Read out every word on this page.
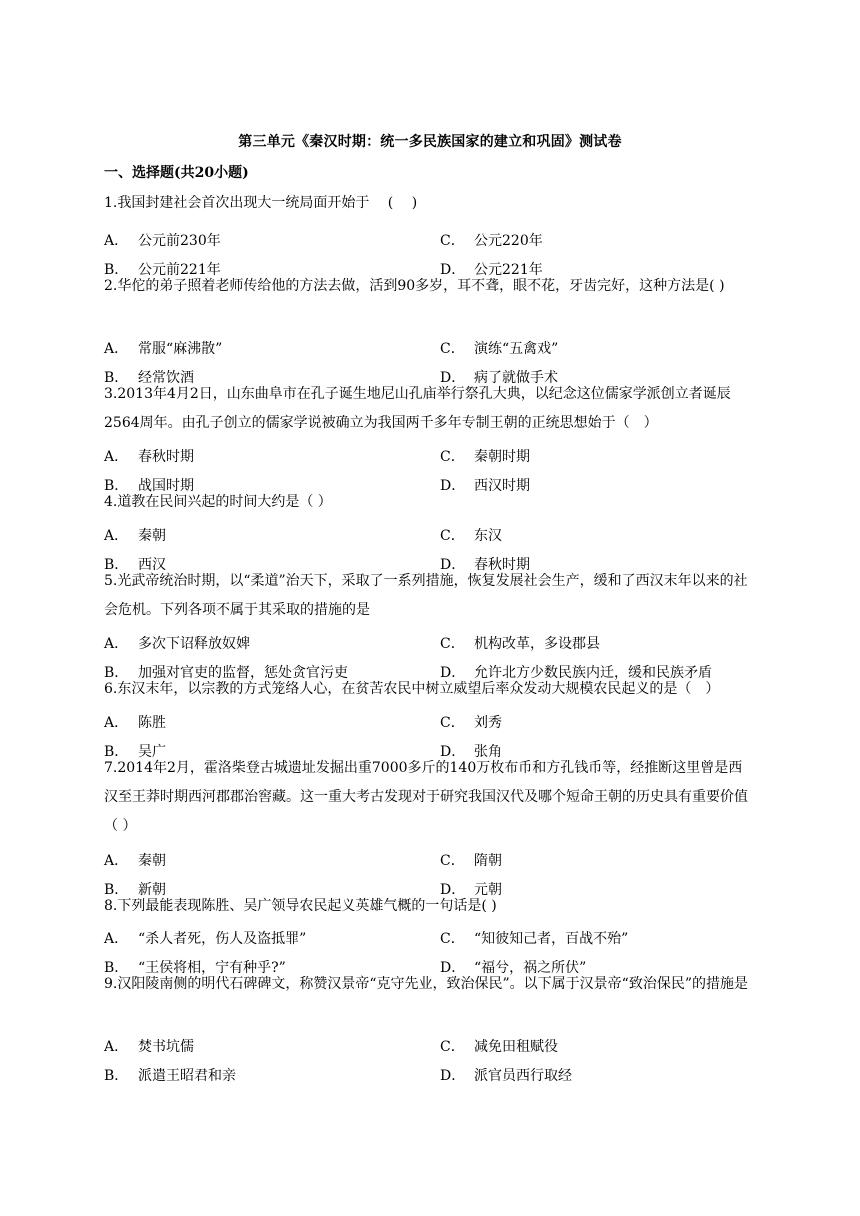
第三单元《秦汉时期：统一多民族国家的建立和巩固》测试卷
一、选择题(共20小题)
1.我国封建社会首次出现大一统局面开始于 　( 　)
A． 公元前230年	C． 公元220年
B． 公元前221年	D． 公元221年
2.华佗的弟子照着老师传给他的方法去做，活到90多岁，耳不聋，眼不花，牙齿完好，这种方法是( )
A． 常服“麻沸散”	C． 演练“五禽戏”
B． 经常饮酒	D． 病了就做手术
3.2013年4月2日，山东曲阜市在孔子诞生地尼山孔庙举行祭孔大典，以纪念这位儒家学派创立者诞辰2564周年。由孔子创立的儒家学说被确立为我国两千多年专制王朝的正统思想始于（　）
A． 春秋时期	C． 秦朝时期
B． 战国时期	D． 西汉时期
4.道教在民间兴起的时间大约是（ ）
A． 秦朝	C． 东汉
B． 西汉	D． 春秋时期
5.光武帝统治时期，以“柔道”治天下，采取了一系列措施，恢复发展社会生产，缓和了西汉末年以来的社会危机。下列各项不属于其采取的措施的是
A． 多次下诏释放奴婢	C． 机构改革，多设郡县
B． 加强对官吏的监督，惩处贪官污吏	D． 允许北方少数民族内迁，缓和民族矛盾
6.东汉末年，以宗教的方式笼络人心，在贫苦农民中树立威望后率众发动大规模农民起义的是（　）
A． 陈胜	C． 刘秀
B． 吴广	D． 张角
7.2014年2月，霍洛柴登古城遗址发掘出重7000多斤的140万枚布币和方孔钱币等，经推断这里曾是西汉至王莽时期西河郡郡治窖藏。这一重大考古发现对于研究我国汉代及哪个短命王朝的历史具有重要价值（ ）
A． 秦朝	C． 隋朝
B． 新朝	D． 元朝
8.下列最能表现陈胜、吴广领导农民起义英雄气概的一句话是( )
A． “杀人者死，伤人及盗抵罪”	C． “知彼知己者，百战不殆”
B． “王侯将相，宁有种乎?”	D． “福兮，祸之所伏”
9.汉阳陵南侧的明代石碑碑文，称赞汉景帝“克守先业，致治保民”。以下属于汉景帝“致治保民”的措施是
A． 焚书坑儒	C． 减免田租赋役
B． 派遣王昭君和亲	D． 派官员西行取经
